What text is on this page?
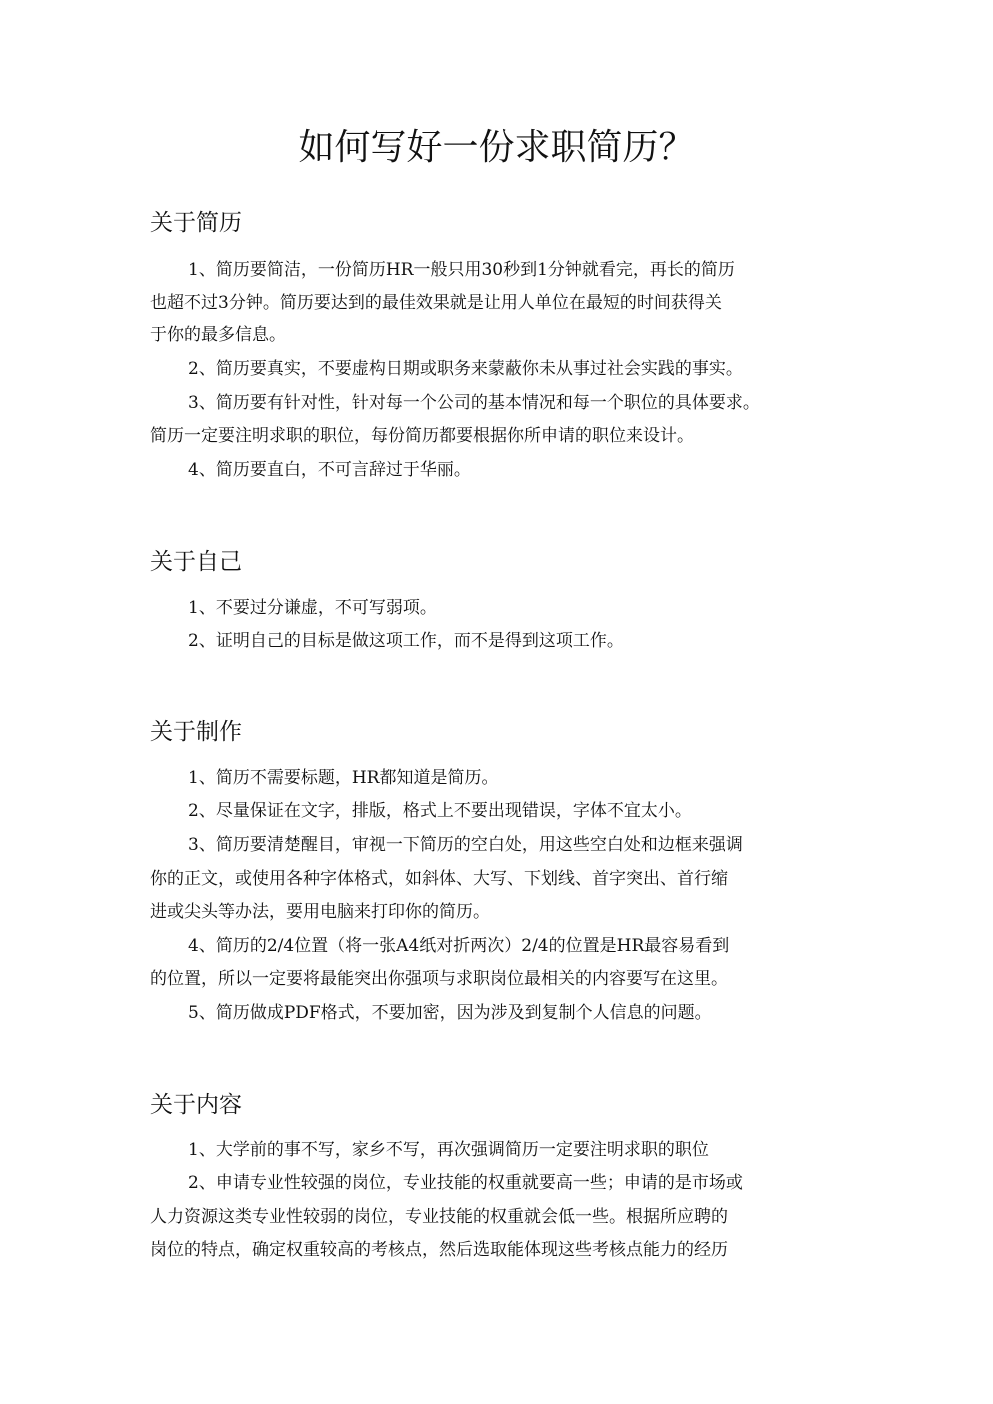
如何写好一份求职简历？
关于简历
1、简历要简洁，一份简历HR一般只用30秒到1分钟就看完，再长的简历
也超不过3分钟。简历要达到的最佳效果就是让用人单位在最短的时间获得关
于你的最多信息。
2、简历要真实，不要虚构日期或职务来蒙蔽你未从事过社会实践的事实。
3、简历要有针对性，针对每一个公司的基本情况和每一个职位的具体要求。
简历一定要注明求职的职位，每份简历都要根据你所申请的职位来设计。
4、简历要直白，不可言辞过于华丽。
关于自己
1、不要过分谦虚，不可写弱项。
2、证明自己的目标是做这项工作，而不是得到这项工作。
关于制作
1、简历不需要标题，HR都知道是简历。
2、尽量保证在文字，排版，格式上不要出现错误，字体不宜太小。
3、简历要清楚醒目，审视一下简历的空白处，用这些空白处和边框来强调
你的正文，或使用各种字体格式，如斜体、大写、下划线、首字突出、首行缩
进或尖头等办法，要用电脑来打印你的简历。
4、简历的2/4位置（将一张A4纸对折两次）2/4的位置是HR最容易看到
的位置，所以一定要将最能突出你强项与求职岗位最相关的内容要写在这里。
5、简历做成PDF格式，不要加密，因为涉及到复制个人信息的问题。
关于内容
1、大学前的事不写，家乡不写，再次强调简历一定要注明求职的职位
2、申请专业性较强的岗位，专业技能的权重就要高一些；申请的是市场或
人力资源这类专业性较弱的岗位，专业技能的权重就会低一些。根据所应聘的
岗位的特点，确定权重较高的考核点，然后选取能体现这些考核点能力的经历
